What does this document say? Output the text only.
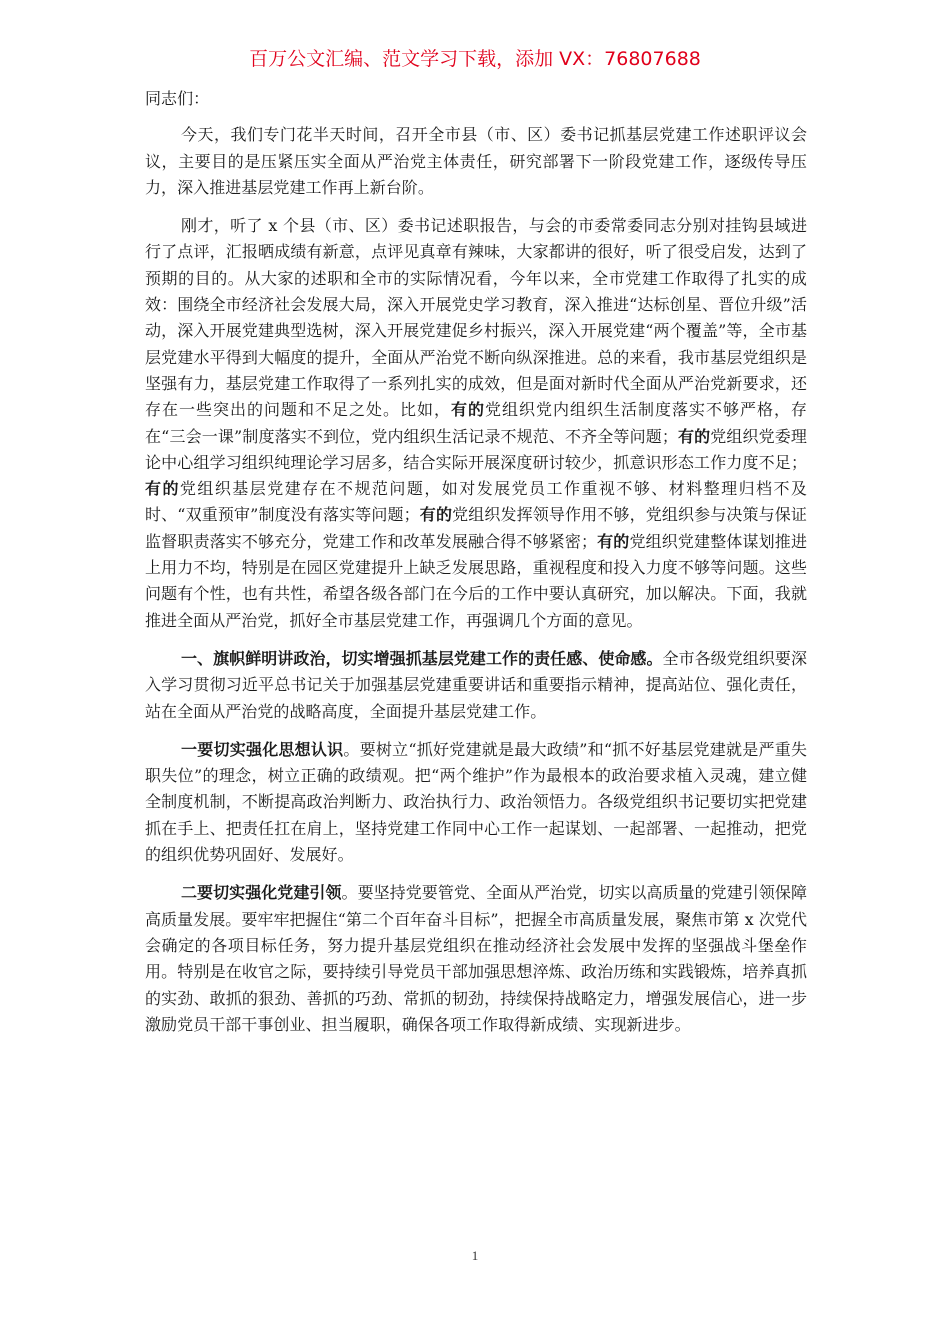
百万公文汇编、范文学习下载，添加 VX：76807688

同志们：

今天，我们专门花半天时间，召开全市县（市、区）委书记抓基层党建工作述职评议会议，主要目的是压紧压实全面从严治党主体责任，研究部署下一阶段党建工作，逐级传导压力，深入推进基层党建工作再上新台阶。

刚才，听了 x 个县（市、区）委书记述职报告，与会的市委常委同志分别对挂钩县域进行了点评，汇报晒成绩有新意，点评见真章有辣味，大家都讲的很好，听了很受启发，达到了预期的目的。从大家的述职和全市的实际情况看，今年以来，全市党建工作取得了扎实的成效：围绕全市经济社会发展大局，深入开展党史学习教育，深入推进“达标创星、晋位升级”活动，深入开展党建典型选树，深入开展党建促乡村振兴，深入开展党建“两个覆盖”等，全市基层党建水平得到大幅度的提升，全面从严治党不断向纵深推进。总的来看，我市基层党组织是坚强有力，基层党建工作取得了一系列扎实的成效，但是面对新时代全面从严治党新要求，还存在一些突出的问题和不足之处。比如，有的党组织党内组织生活制度落实不够严格，存在“三会一课”制度落实不到位，党内组织生活记录不规范、不齐全等问题；有的党组织党委理论中心组学习组织纯理论学习居多，结合实际开展深度研讨较少，抓意识形态工作力度不足；有的党组织基层党建存在不规范问题，如对发展党员工作重视不够、材料整理归档不及时、“双重预审”制度没有落实等问题；有的党组织发挥领导作用不够，党组织参与决策与保证监督职责落实不够充分，党建工作和改革发展融合得不够紧密；有的党组织党建整体谋划推进上用力不均，特别是在园区党建提升上缺乏发展思路，重视程度和投入力度不够等问题。这些问题有个性，也有共性，希望各级各部门在今后的工作中要认真研究，加以解决。下面，我就推进全面从严治党，抓好全市基层党建工作，再强调几个方面的意见。

一、旗帜鲜明讲政治，切实增强抓基层党建工作的责任感、使命感。全市各级党组织要深入学习贯彻习近平总书记关于加强基层党建重要讲话和重要指示精神，提高站位、强化责任，站在全面从严治党的战略高度，全面提升基层党建工作。

一要切实强化思想认识。要树立“抓好党建就是最大政绩”和“抓不好基层党建就是严重失职失位”的理念，树立正确的政绩观。把“两个维护”作为最根本的政治要求植入灵魂，建立健全制度机制，不断提高政治判断力、政治执行力、政治领悟力。各级党组织书记要切实把党建抓在手上、把责任扛在肩上，坚持党建工作同中心工作一起谋划、一起部署、一起推动，把党的组织优势巩固好、发展好。

二要切实强化党建引领。要坚持党要管党、全面从严治党，切实以高质量的党建引领保障高质量发展。要牢牢把握住“第二个百年奋斗目标”，把握全市高质量发展，聚焦市第 x 次党代会确定的各项目标任务，努力提升基层党组织在推动经济社会发展中发挥的坚强战斗堡垒作用。特别是在收官之际，要持续引导党员干部加强思想淬炼、政治历练和实践锻炼，培养真抓的实劲、敢抓的狠劲、善抓的巧劲、常抓的韧劲，持续保持战略定力，增强发展信心，进一步激励党员干部干事创业、担当履职，确保各项工作取得新成绩、实现新进步。

1
